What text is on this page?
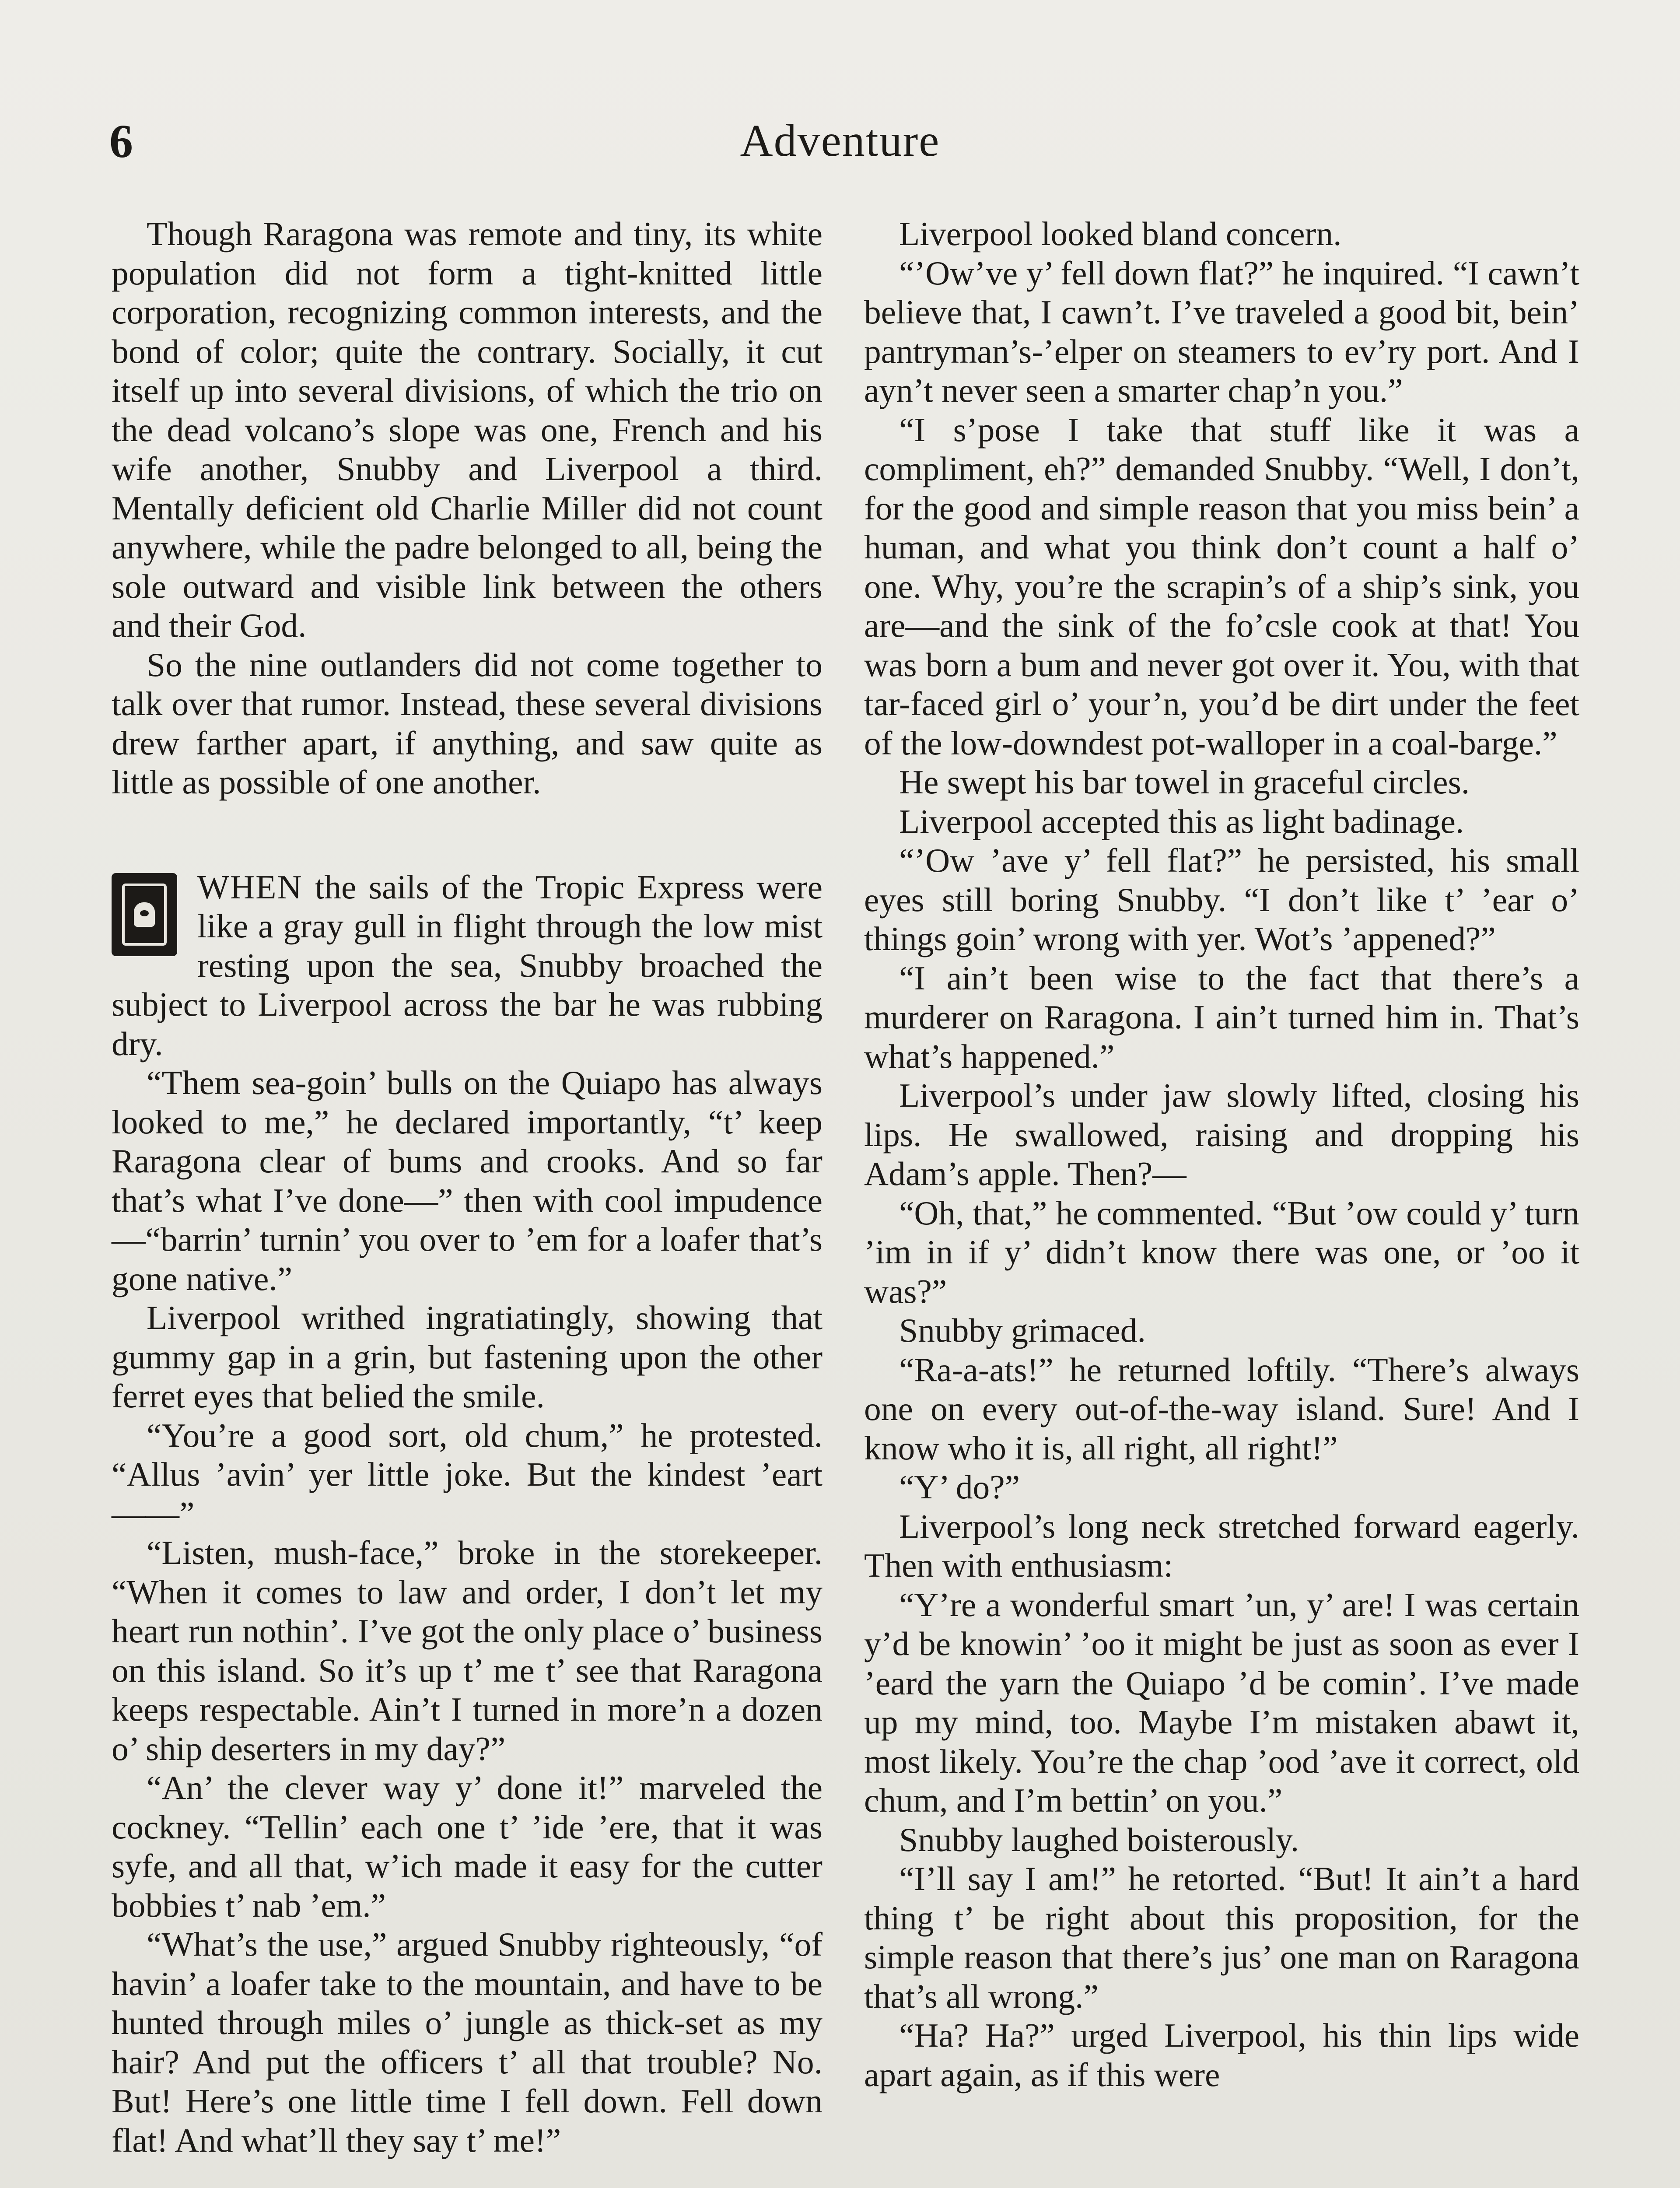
6	Adventure

Though Raragona was remote and tiny, its white population did not form a tight-knitted little corporation, recognizing common interests, and the bond of color; quite the contrary. Socially, it cut itself up into several divisions, of which the trio on the dead volcano’s slope was one, French and his wife another, Snubby and Liverpool a third. Mentally deficient old Charlie Miller did not count anywhere, while the padre belonged to all, being the sole outward and visible link between the others and their God.

So the nine outlanders did not come together to talk over that rumor. Instead, these several divisions drew farther apart, if anything, and saw quite as little as possible of one another.

WHEN the sails of the Tropic Express were like a gray gull in flight through the low mist resting upon the sea, Snubby broached the subject to Liverpool across the bar he was rubbing dry.

“Them sea-goin’ bulls on the Quiapo has always looked to me,” he declared importantly, “t’ keep Raragona clear of bums and crooks. And so far that’s what I’ve done—” then with cool impudence—“barrin’ turnin’ you over to ’em for a loafer that’s gone native.”

Liverpool writhed ingratiatingly, showing that gummy gap in a grin, but fastening upon the other ferret eyes that belied the smile.

“You’re a good sort, old chum,” he protested. “Allus ’avin’ yer little joke. But the kindest ’eart——”

“Listen, mush-face,” broke in the storekeeper. “When it comes to law and order, I don’t let my heart run nothin’. I’ve got the only place o’ business on this island. So it’s up t’ me t’ see that Raragona keeps respectable. Ain’t I turned in more’n a dozen o’ ship deserters in my day?”

“An’ the clever way y’ done it!” marveled the cockney. “Tellin’ each one t’ ’ide ’ere, that it was syfe, and all that, w’ich made it easy for the cutter bobbies t’ nab ’em.”

“What’s the use,” argued Snubby righteously, “of havin’ a loafer take to the mountain, and have to be hunted through miles o’ jungle as thick-set as my hair? And put the officers t’ all that trouble? No. But! Here’s one little time I fell down. Fell down flat! And what’ll they say t’ me!”

Liverpool looked bland concern.

“’Ow’ve y’ fell down flat?” he inquired. “I cawn’t believe that, I cawn’t. I’ve traveled a good bit, bein’ pantryman’s-’elper on steamers to ev’ry port. And I ayn’t never seen a smarter chap’n you.”

“I s’pose I take that stuff like it was a compliment, eh?” demanded Snubby. “Well, I don’t, for the good and simple reason that you miss bein’ a human, and what you think don’t count a half o’ one. Why, you’re the scrapin’s of a ship’s sink, you are—and the sink of the fo’csle cook at that! You was born a bum and never got over it. You, with that tar-faced girl o’ your’n, you’d be dirt under the feet of the low-downdest pot-walloper in a coal-barge.”

He swept his bar towel in graceful circles.

Liverpool accepted this as light badinage.

“’Ow ’ave y’ fell flat?” he persisted, his small eyes still boring Snubby. “I don’t like t’ ’ear o’ things goin’ wrong with yer. Wot’s ’appened?”

“I ain’t been wise to the fact that there’s a murderer on Raragona. I ain’t turned him in. That’s what’s happened.”

Liverpool’s under jaw slowly lifted, closing his lips. He swallowed, raising and dropping his Adam’s apple. Then?—

“Oh, that,” he commented. “But ’ow could y’ turn ’im in if y’ didn’t know there was one, or ’oo it was?”

Snubby grimaced.

“Ra-a-ats!” he returned loftily. “There’s always one on every out-of-the-way island. Sure! And I know who it is, all right, all right!”

“Y’ do?”

Liverpool’s long neck stretched forward eagerly. Then with enthusiasm:

“Y’re a wonderful smart ’un, y’ are! I was certain y’d be knowin’ ’oo it might be just as soon as ever I ’eard the yarn the Quiapo ’d be comin’. I’ve made up my mind, too. Maybe I’m mistaken abawt it, most likely. You’re the chap ’ood ’ave it correct, old chum, and I’m bettin’ on you.”

Snubby laughed boisterously.

“I’ll say I am!” he retorted. “But! It ain’t a hard thing t’ be right about this proposition, for the simple reason that there’s jus’ one man on Raragona that’s all wrong.”

“Ha? Ha?” urged Liverpool, his thin lips wide apart again, as if this were
